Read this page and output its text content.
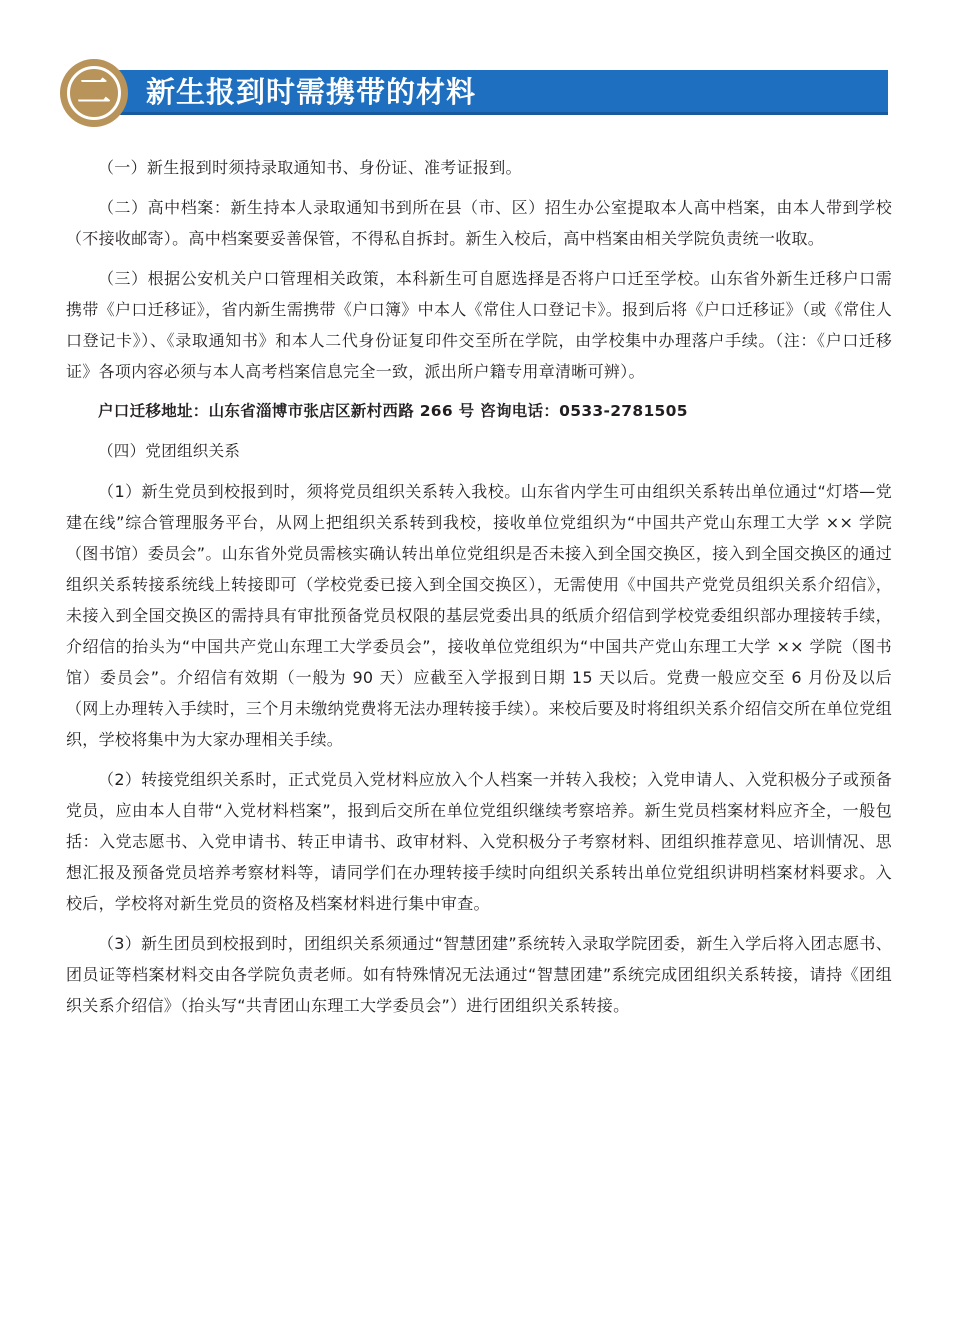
二	新生报到时需携带的材料

（一）新生报到时须持录取通知书、身份证、准考证报到。

（二）高中档案：新生持本人录取通知书到所在县（市、区）招生办公室提取本人高中档案，由本人带到学校（不接收邮寄）。高中档案要妥善保管，不得私自拆封。新生入校后，高中档案由相关学院负责统一收取。

（三）根据公安机关户口管理相关政策，本科新生可自愿选择是否将户口迁至学校。山东省外新生迁移户口需携带《户口迁移证》，省内新生需携带《户口簿》中本人《常住人口登记卡》。报到后将《户口迁移证》（或《常住人口登记卡》）、《录取通知书》和本人二代身份证复印件交至所在学院，由学校集中办理落户手续。（注：《户口迁移证》各项内容必须与本人高考档案信息完全一致，派出所户籍专用章清晰可辨）。

户口迁移地址：山东省淄博市张店区新村西路 266 号 咨询电话：0533-2781505

（四）党团组织关系

（1）新生党员到校报到时，须将党员组织关系转入我校。山东省内学生可由组织关系转出单位通过“灯塔—党建在线”综合管理服务平台，从网上把组织关系转到我校，接收单位党组织为“中国共产党山东理工大学 ×× 学院（图书馆）委员会”。山东省外党员需核实确认转出单位党组织是否未接入到全国交换区，接入到全国交换区的通过组织关系转接系统线上转接即可（学校党委已接入到全国交换区），无需使用《中国共产党党员组织关系介绍信》，未接入到全国交换区的需持具有审批预备党员权限的基层党委出具的纸质介绍信到学校党委组织部办理接转手续，介绍信的抬头为“中国共产党山东理工大学委员会”，接收单位党组织为“中国共产党山东理工大学 ×× 学院（图书馆）委员会”。介绍信有效期（一般为 90 天）应截至入学报到日期 15 天以后。党费一般应交至 6 月份及以后（网上办理转入手续时，三个月未缴纳党费将无法办理转接手续）。来校后要及时将组织关系介绍信交所在单位党组织，学校将集中为大家办理相关手续。

（2）转接党组织关系时，正式党员入党材料应放入个人档案一并转入我校；入党申请人、入党积极分子或预备党员，应由本人自带“入党材料档案”，报到后交所在单位党组织继续考察培养。新生党员档案材料应齐全，一般包括：入党志愿书、入党申请书、转正申请书、政审材料、入党积极分子考察材料、团组织推荐意见、培训情况、思想汇报及预备党员培养考察材料等，请同学们在办理转接手续时向组织关系转出单位党组织讲明档案材料要求。入校后，学校将对新生党员的资格及档案材料进行集中审查。

（3）新生团员到校报到时，团组织关系须通过“智慧团建”系统转入录取学院团委，新生入学后将入团志愿书、团员证等档案材料交由各学院负责老师。如有特殊情况无法通过“智慧团建”系统完成团组织关系转接，请持《团组织关系介绍信》（抬头写“共青团山东理工大学委员会”）进行团组织关系转接。
